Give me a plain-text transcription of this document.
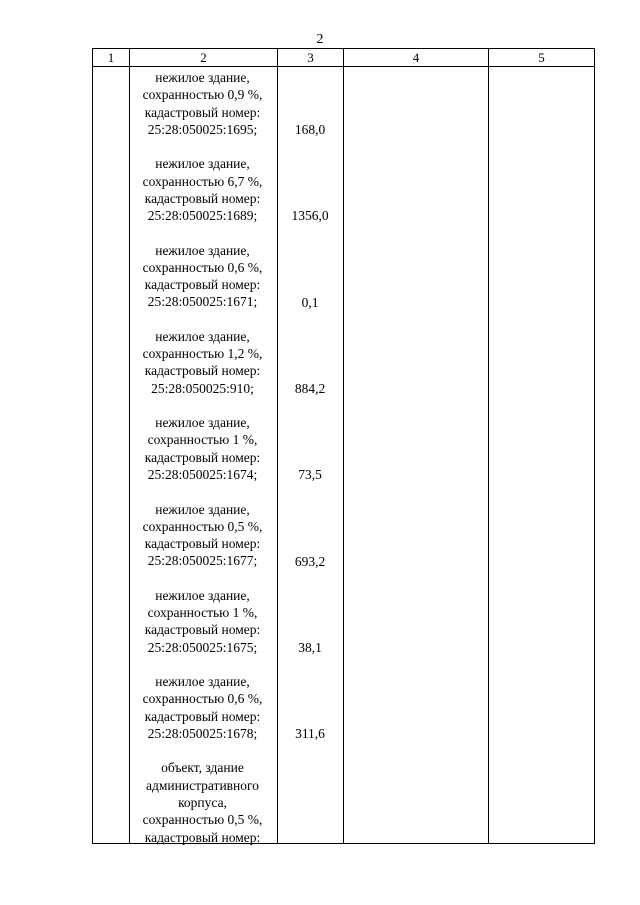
2
1	2	3	4	5
нежилое здание,
сохранностью 0,9 %,
кадастровый номер:
25:28:050025:1695;	168,0
нежилое здание,
сохранностью 6,7 %,
кадастровый номер:
25:28:050025:1689;	1356,0
нежилое здание,
сохранностью 0,6 %,
кадастровый номер:
25:28:050025:1671;	0,1
нежилое здание,
сохранностью 1,2 %,
кадастровый номер:
25:28:050025:910;	884,2
нежилое здание,
сохранностью 1 %,
кадастровый номер:
25:28:050025:1674;	73,5
нежилое здание,
сохранностью 0,5 %,
кадастровый номер:
25:28:050025:1677;	693,2
нежилое здание,
сохранностью 1 %,
кадастровый номер:
25:28:050025:1675;	38,1
нежилое здание,
сохранностью 0,6 %,
кадастровый номер:
25:28:050025:1678;	311,6
объект, здание
административного
корпуса,
сохранностью 0,5 %,
кадастровый номер:
